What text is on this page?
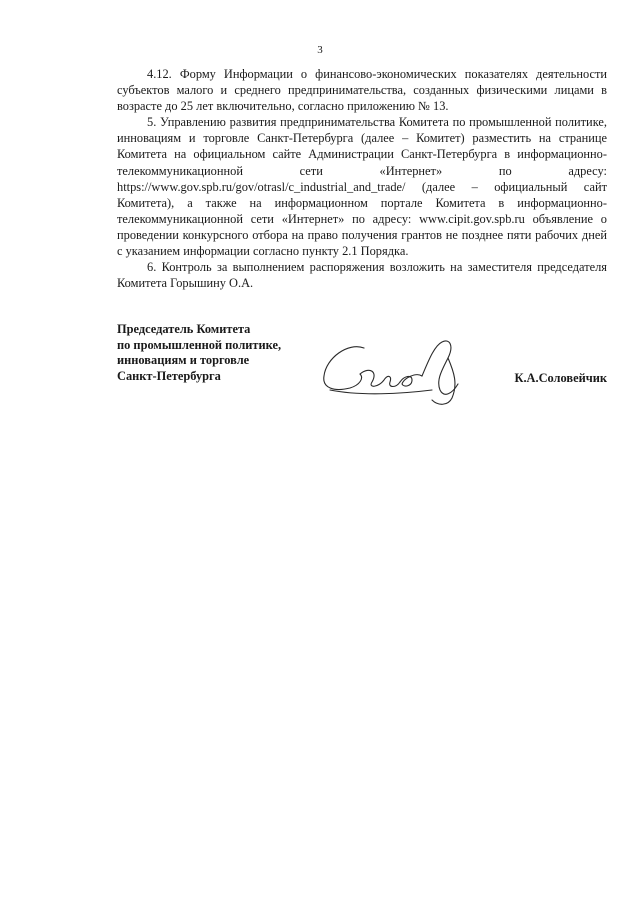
3

4.12. Форму Информации о финансово-экономических показателях деятельности субъектов малого и среднего предпринимательства, созданных физическими лицами в возрасте до 25 лет включительно, согласно приложению № 13.

5. Управлению развития предпринимательства Комитета по промышленной политике, инновациям и торговле Санкт-Петербурга (далее – Комитет) разместить на странице Комитета на официальном сайте Администрации Санкт-Петербурга в информационно-телекоммуникационной сети «Интернет» по адресу: https://www.gov.spb.ru/gov/otrasl/c_industrial_and_trade/ (далее – официальный сайт Комитета), а также на информационном портале Комитета в информационно-телекоммуникационной сети «Интернет» по адресу: www.cipit.gov.spb.ru объявление о проведении конкурсного отбора на право получения грантов не позднее пяти рабочих дней с указанием информации согласно пункту 2.1 Порядка.

6. Контроль за выполнением распоряжения возложить на заместителя председателя Комитета Горышину О.А.

Председатель Комитета
по промышленной политике,
инновациям и торговле
Санкт-Петербурга	К.А.Соловейчик
